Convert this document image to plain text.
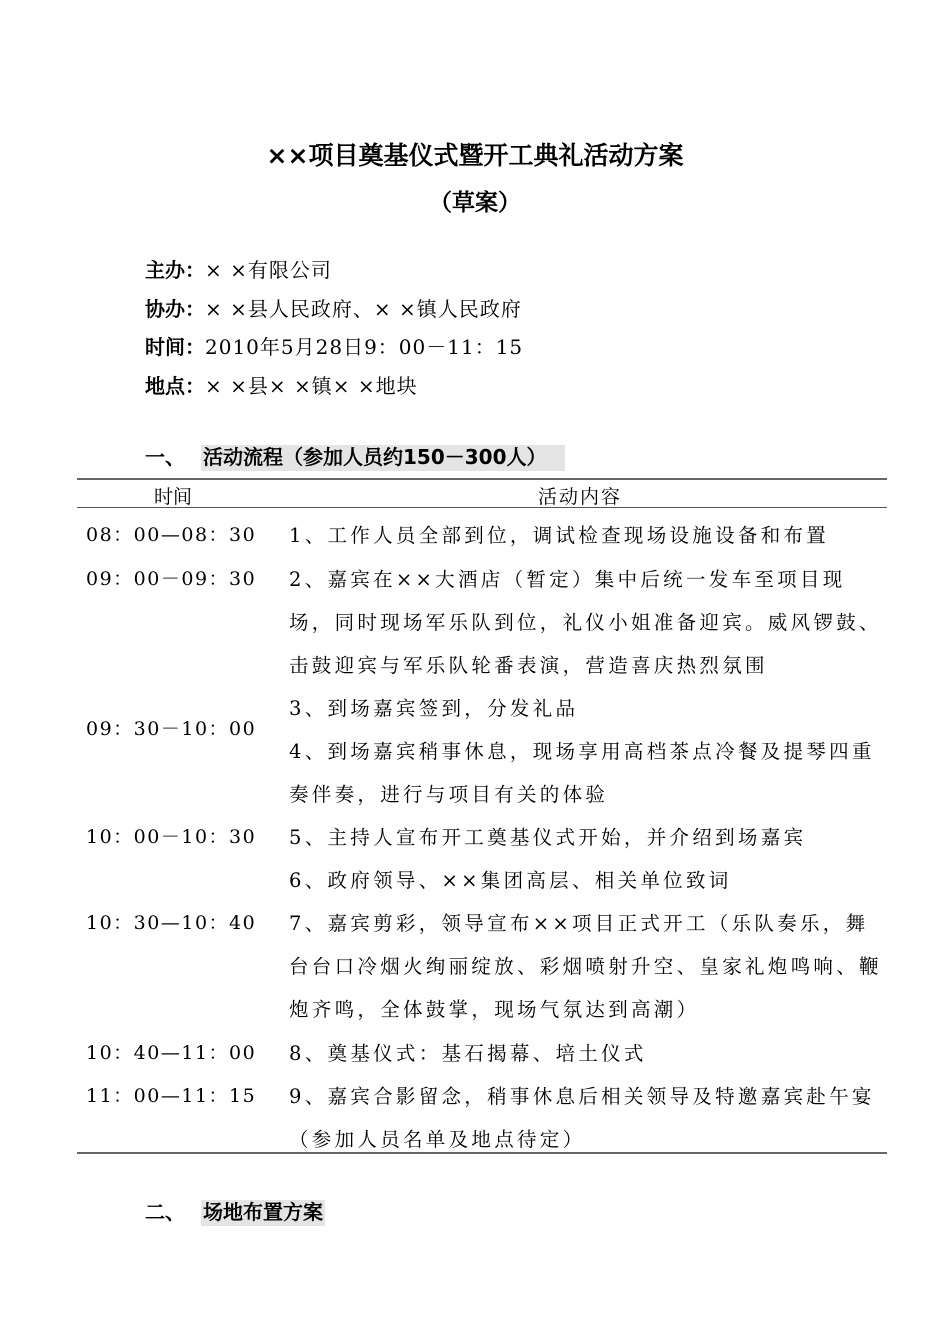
××项目奠基仪式暨开工典礼活动方案
（草案）
主办：× ×有限公司
协办：× ×县人民政府、× ×镇人民政府
时间：2010年5月28日9：00－11：15
地点：× ×县× ×镇× ×地块
一、 活动流程（参加人员约150－300人）
时间	活动内容
08：00—08：30
09：00－09：30
09：30－10：00
10：00－10：30
10：30—10：40
10：40—11：00
11：00—11：15
1、工作人员全部到位，调试检查现场设施设备和布置
2、嘉宾在××大酒店（暂定）集中后统一发车至项目现
场，同时现场军乐队到位，礼仪小姐准备迎宾。威风锣鼓、
击鼓迎宾与军乐队轮番表演，营造喜庆热烈氛围
3、到场嘉宾签到，分发礼品
4、到场嘉宾稍事休息，现场享用高档茶点冷餐及提琴四重
奏伴奏，进行与项目有关的体验
5、主持人宣布开工奠基仪式开始，并介绍到场嘉宾
6、政府领导、××集团高层、相关单位致词
7、嘉宾剪彩，领导宣布××项目正式开工（乐队奏乐，舞
台台口冷烟火绚丽绽放、彩烟喷射升空、皇家礼炮鸣响、鞭
炮齐鸣，全体鼓掌，现场气氛达到高潮）
8、奠基仪式：基石揭幕、培土仪式
9、嘉宾合影留念，稍事休息后相关领导及特邀嘉宾赴午宴
（参加人员名单及地点待定）
二、 场地布置方案
